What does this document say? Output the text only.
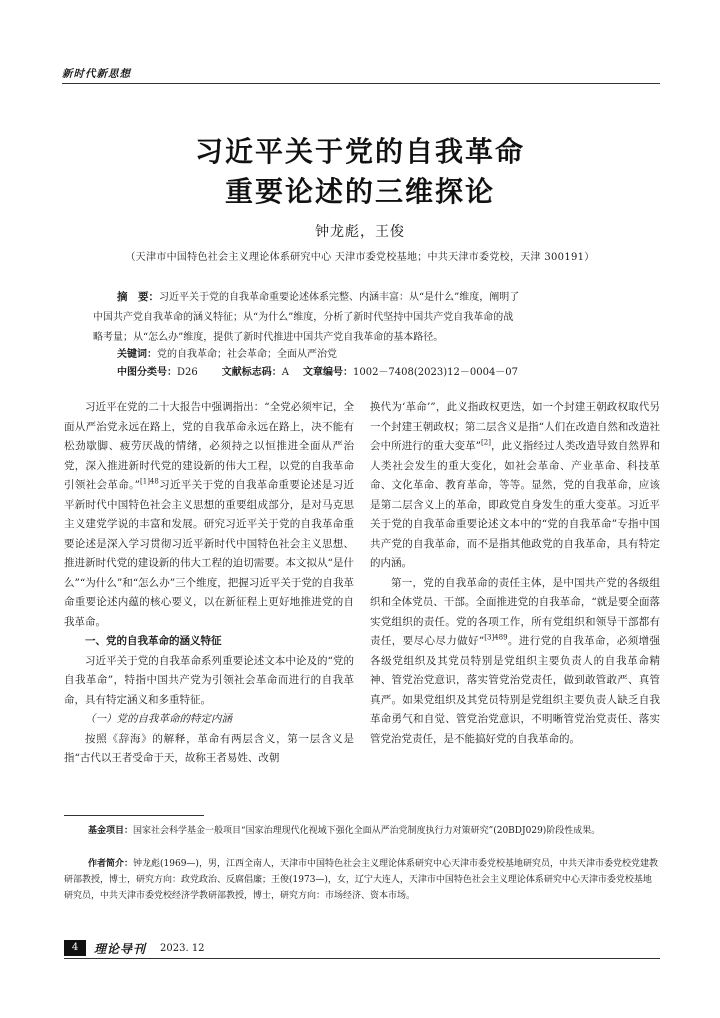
新时代新思想
习近平关于党的自我革命
重要论述的三维探论
钟龙彪，王俊
（天津市中国特色社会主义理论体系研究中心 天津市委党校基地；中共天津市委党校，天津 300191）
摘　要：习近平关于党的自我革命重要论述体系完整、内涵丰富：从“是什么”维度，阐明了
中国共产党自我革命的涵义特征；从“为什么”维度，分析了新时代坚持中国共产党自我革命的战
略考量；从“怎么办”维度，提供了新时代推进中国共产党自我革命的基本路径。
关键词：党的自我革命；社会革命；全面从严治党
中图分类号：D26 文献标志码：A 文章编号：1002－7408(2023)12－0004－07

习近平在党的二十大报告中强调指出：“全党必须牢记，全面从严治党永远在路上，党的自我革命永远在路上，决不能有松劲歇脚、疲劳厌战的情绪，必须持之以恒推进全面从严治党，深入推进新时代党的建设新的伟大工程，以党的自我革命引领社会革命。”$^{[1]48}$习近平关于党的自我革命重要论述是习近平新时代中国特色社会主义思想的重要组成部分，是对马克思主义建党学说的丰富和发展。研究习近平关于党的自我革命重要论述是深入学习贯彻习近平新时代中国特色社会主义思想、推进新时代党的建设新的伟大工程的迫切需要。本文拟从“是什么”“为什么”和“怎么办”三个维度，把握习近平关于党的自我革命重要论述内蕴的核心要义，以在新征程上更好地推进党的自我革命。

一、党的自我革命的涵义特征

习近平关于党的自我革命系列重要论述文本中论及的“党的自我革命”，特指中国共产党为引领社会革命而进行的自我革命，具有特定涵义和多重特征。

（一）党的自我革命的特定内涵

按照《辞海》的解释，革命有两层含义，第一层含义是指“古代以王者受命于天，故称王者易姓、改朝

换代为‘革命’”，此义指政权更迭，如一个封建王朝政权取代另一个封建王朝政权；第二层含义是指“人们在改造自然和改造社会中所进行的重大变革”[2]，此义指经过人类改造导致自然界和人类社会发生的重大变化，如社会革命、产业革命、科技革命、文化革命、教育革命，等等。显然，党的自我革命，应该是第二层含义上的革命，即政党自身发生的重大变革。习近平关于党的自我革命重要论述文本中的“党的自我革命”专指中国共产党的自我革命，而不是指其他政党的自我革命，具有特定的内涵。

第一，党的自我革命的责任主体，是中国共产党的各级组织和全体党员、干部。全面推进党的自我革命，“就是要全面落实党组织的责任。党的各项工作，所有党组织和领导干部都有责任，要尽心尽力做好”$^{[3]489}$。进行党的自我革命，必须增强各级党组织及其党员特别是党组织主要负责人的自我革命精神、管党治党意识，落实管党治党责任，做到敢管敢严、真管真严。如果党组织及其党员特别是党组织主要负责人缺乏自我革命勇气和自觉、管党治党意识，不明晰管党治党责任、落实管党治党责任，是不能搞好党的自我革命的。

基金项目：国家社会科学基金一般项目“国家治理现代化视域下强化全面从严治党制度执行力对策研究”(20BDJ029)阶段性成果。
作者简介：钟龙彪(1969—)，男，江西全南人，天津市中国特色社会主义理论体系研究中心天津市委党校基地研究员，中共天津市委党校党建教研部教授，博士，研究方向：政党政治、反腐倡廉；王俊(1973—)，女，辽宁大连人，天津市中国特色社会主义理论体系研究中心天津市委党校基地研究员，中共天津市委党校经济学教研部教授，博士，研究方向：市场经济、资本市场。
4	理论导刊 2023. 12
